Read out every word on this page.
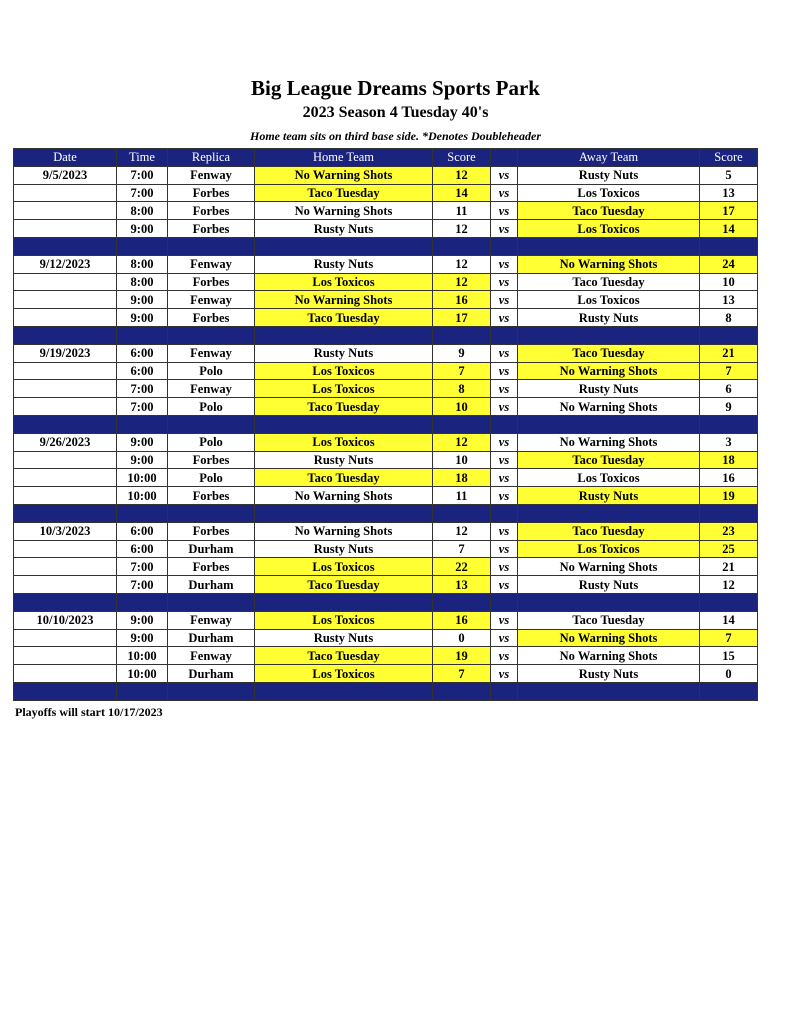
Big League Dreams Sports Park
2023 Season 4 Tuesday 40's
Home team sits on third base side. *Denotes Doubleheader
Date	Time	Replica	Home Team	Score		Away Team	Score
9/5/2023	7:00	Fenway	No Warning Shots	12	vs	Rusty Nuts	5
	7:00	Forbes	Taco Tuesday	14	vs	Los Toxicos	13
	8:00	Forbes	No Warning Shots	11	vs	Taco Tuesday	17
	9:00	Forbes	Rusty Nuts	12	vs	Los Toxicos	14

9/12/2023	8:00	Fenway	Rusty Nuts	12	vs	No Warning Shots	24
	8:00	Forbes	Los Toxicos	12	vs	Taco Tuesday	10
	9:00	Fenway	No Warning Shots	16	vs	Los Toxicos	13
	9:00	Forbes	Taco Tuesday	17	vs	Rusty Nuts	8

9/19/2023	6:00	Fenway	Rusty Nuts	9	vs	Taco Tuesday	21
	6:00	Polo	Los Toxicos	7	vs	No Warning Shots	7
	7:00	Fenway	Los Toxicos	8	vs	Rusty Nuts	6
	7:00	Polo	Taco Tuesday	10	vs	No Warning Shots	9

9/26/2023	9:00	Polo	Los Toxicos	12	vs	No Warning Shots	3
	9:00	Forbes	Rusty Nuts	10	vs	Taco Tuesday	18
	10:00	Polo	Taco Tuesday	18	vs	Los Toxicos	16
	10:00	Forbes	No Warning Shots	11	vs	Rusty Nuts	19

10/3/2023	6:00	Forbes	No Warning Shots	12	vs	Taco Tuesday	23
	6:00	Durham	Rusty Nuts	7	vs	Los Toxicos	25
	7:00	Forbes	Los Toxicos	22	vs	No Warning Shots	21
	7:00	Durham	Taco Tuesday	13	vs	Rusty Nuts	12

10/10/2023	9:00	Fenway	Los Toxicos	16	vs	Taco Tuesday	14
	9:00	Durham	Rusty Nuts	0	vs	No Warning Shots	7
	10:00	Fenway	Taco Tuesday	19	vs	No Warning Shots	15
	10:00	Durham	Los Toxicos	7	vs	Rusty Nuts	0

Playoffs will start 10/17/2023
